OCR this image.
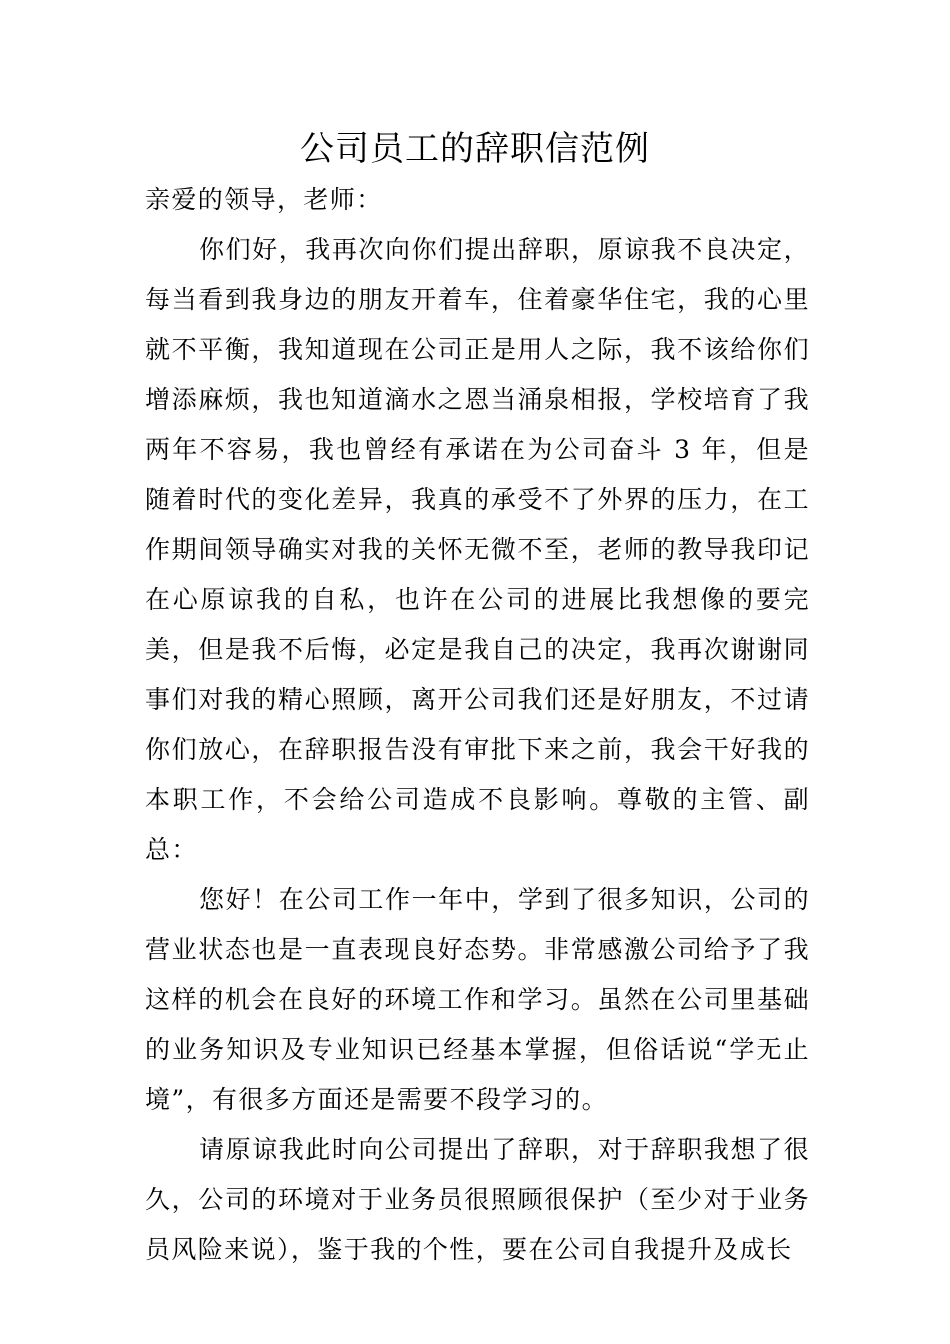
公司员工的辞职信范例

亲爱的领导，老师：

你们好，我再次向你们提出辞职，原谅我不良决定，每当看到我身边的朋友开着车，住着豪华住宅，我的心里就不平衡，我知道现在公司正是用人之际，我不该给你们增添麻烦，我也知道滴水之恩当涌泉相报，学校培育了我两年不容易，我也曾经有承诺在为公司奋斗 3 年，但是随着时代的变化差异，我真的承受不了外界的压力，在工作期间领导确实对我的关怀无微不至，老师的教导我印记在心原谅我的自私，也许在公司的进展比我想像的要完美，但是我不后悔，必定是我自己的决定，我再次谢谢同事们对我的精心照顾，离开公司我们还是好朋友，不过请你们放心，在辞职报告没有审批下来之前，我会干好我的本职工作，不会给公司造成不良影响。尊敬的主管、副总：

您好！在公司工作一年中，学到了很多知识，公司的营业状态也是一直表现良好态势。非常感激公司给予了我这样的机会在良好的环境工作和学习。虽然在公司里基础的业务知识及专业知识已经基本掌握，但俗话说“学无止境”，有很多方面还是需要不段学习的。

请原谅我此时向公司提出了辞职，对于辞职我想了很久，公司的环境对于业务员很照顾很保护（至少对于业务员风险来说），鉴于我的个性，要在公司自我提升及成长
